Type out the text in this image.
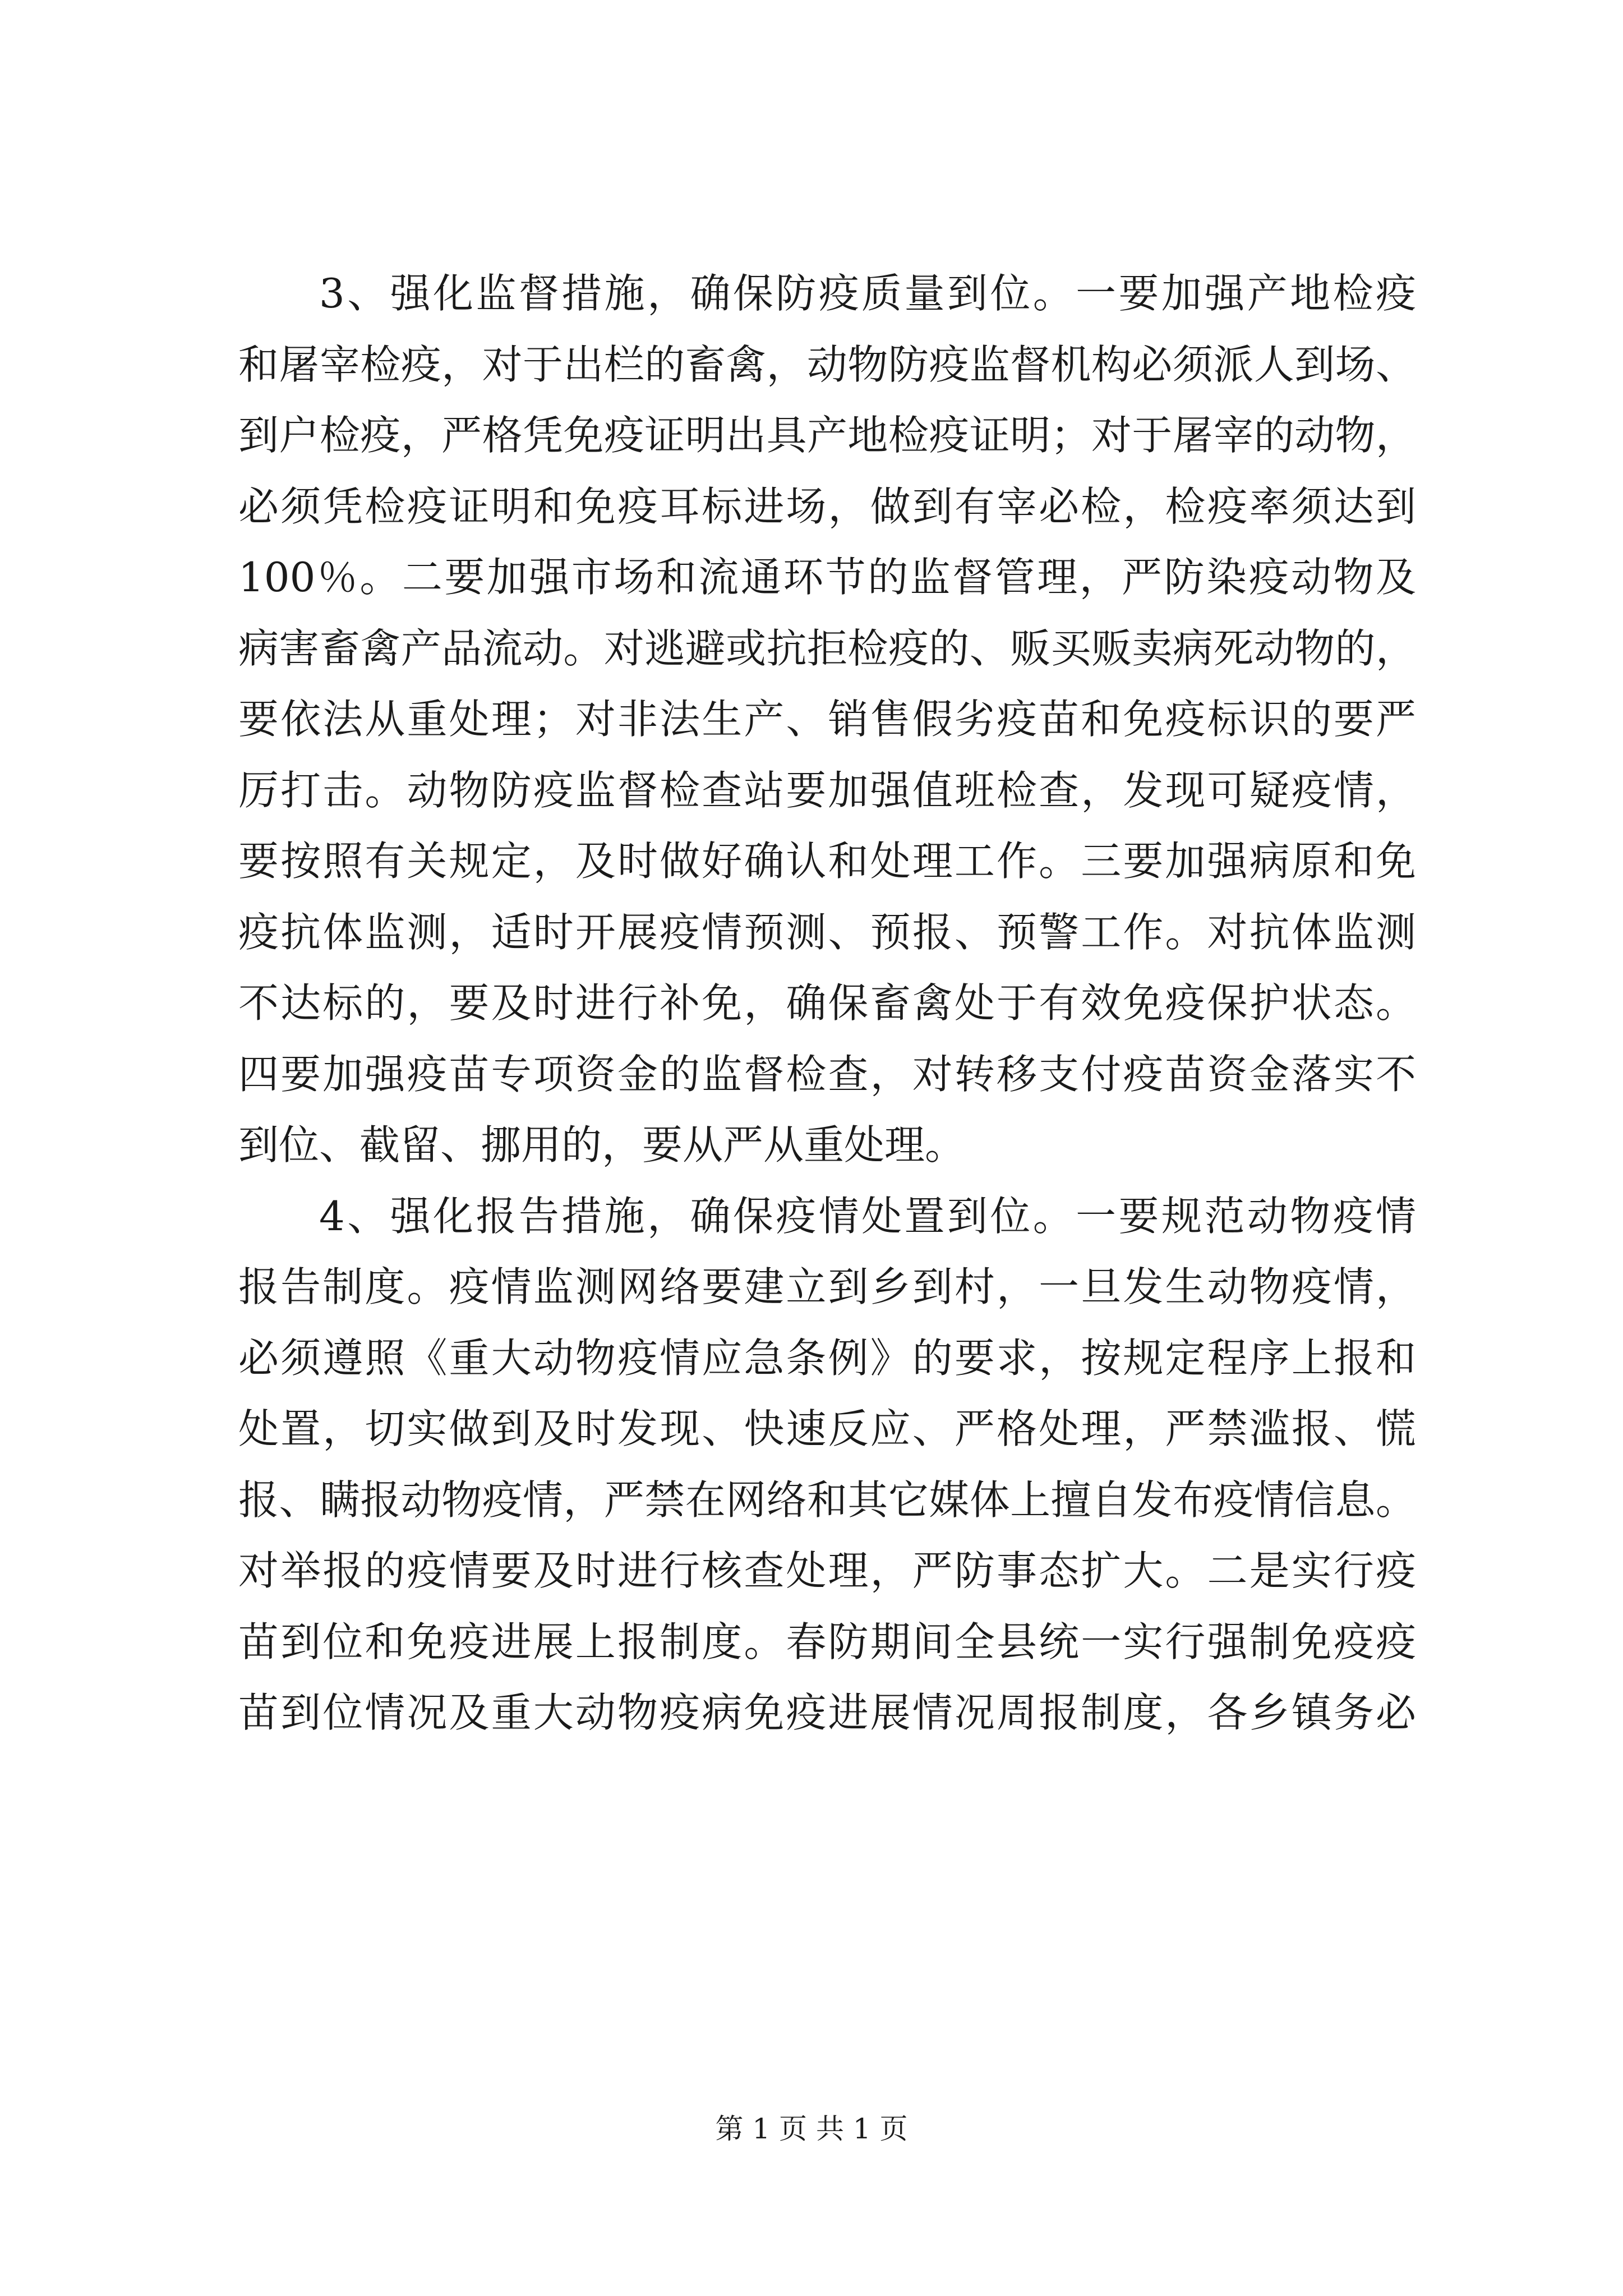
3、强化监督措施，确保防疫质量到位。一要加强产地检疫
和屠宰检疫，对于出栏的畜禽，动物防疫监督机构必须派人到场、
到户检疫，严格凭免疫证明出具产地检疫证明；对于屠宰的动物，
必须凭检疫证明和免疫耳标进场，做到有宰必检，检疫率须达到
100％。二要加强市场和流通环节的监督管理，严防染疫动物及
病害畜禽产品流动。对逃避或抗拒检疫的、贩买贩卖病死动物的，
要依法从重处理；对非法生产、销售假劣疫苗和免疫标识的要严
厉打击。动物防疫监督检查站要加强值班检查，发现可疑疫情，
要按照有关规定，及时做好确认和处理工作。三要加强病原和免
疫抗体监测，适时开展疫情预测、预报、预警工作。对抗体监测
不达标的，要及时进行补免，确保畜禽处于有效免疫保护状态。
四要加强疫苗专项资金的监督检查，对转移支付疫苗资金落实不
到位、截留、挪用的，要从严从重处理。
4、强化报告措施，确保疫情处置到位。一要规范动物疫情
报告制度。疫情监测网络要建立到乡到村，一旦发生动物疫情，
必须遵照《重大动物疫情应急条例》的要求，按规定程序上报和
处置，切实做到及时发现、快速反应、严格处理，严禁滥报、慌
报、瞒报动物疫情，严禁在网络和其它媒体上擅自发布疫情信息。
对举报的疫情要及时进行核查处理，严防事态扩大。二是实行疫
苗到位和免疫进展上报制度。春防期间全县统一实行强制免疫疫
苗到位情况及重大动物疫病免疫进展情况周报制度，各乡镇务必
第 1 页 共 1 页
